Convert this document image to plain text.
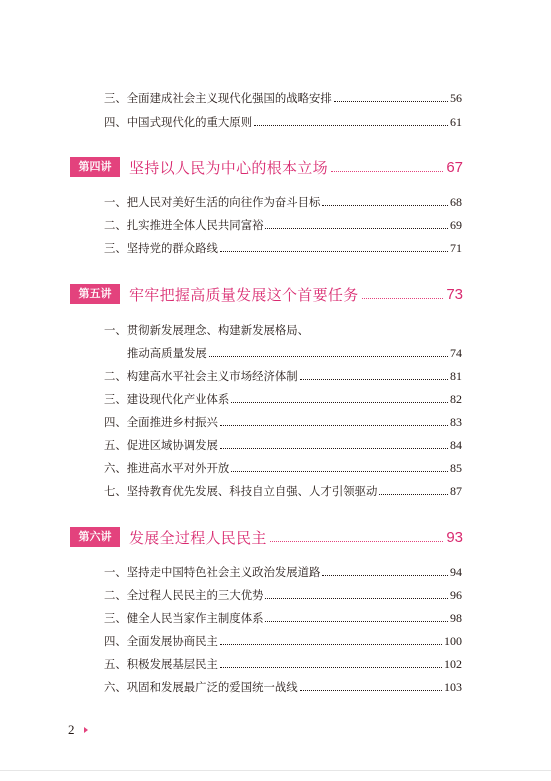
三、全面建成社会主义现代化强国的战略安排	56
四、中国式现代化的重大原则	61
第四讲	坚持以人民为中心的根本立场	67
一、把人民对美好生活的向往作为奋斗目标	68
二、扎实推进全体人民共同富裕	69
三、坚持党的群众路线	71
第五讲	牢牢把握高质量发展这个首要任务	73
一、贯彻新发展理念、构建新发展格局、
推动高质量发展	74
二、构建高水平社会主义市场经济体制	81
三、建设现代化产业体系	82
四、全面推进乡村振兴	83
五、促进区域协调发展	84
六、推进高水平对外开放	85
七、坚持教育优先发展、科技自立自强、人才引领驱动	87
第六讲	发展全过程人民民主	93
一、坚持走中国特色社会主义政治发展道路	94
二、全过程人民民主的三大优势	96
三、健全人民当家作主制度体系	98
四、全面发展协商民主	100
五、积极发展基层民主	102
六、巩固和发展最广泛的爱国统一战线	103
2
